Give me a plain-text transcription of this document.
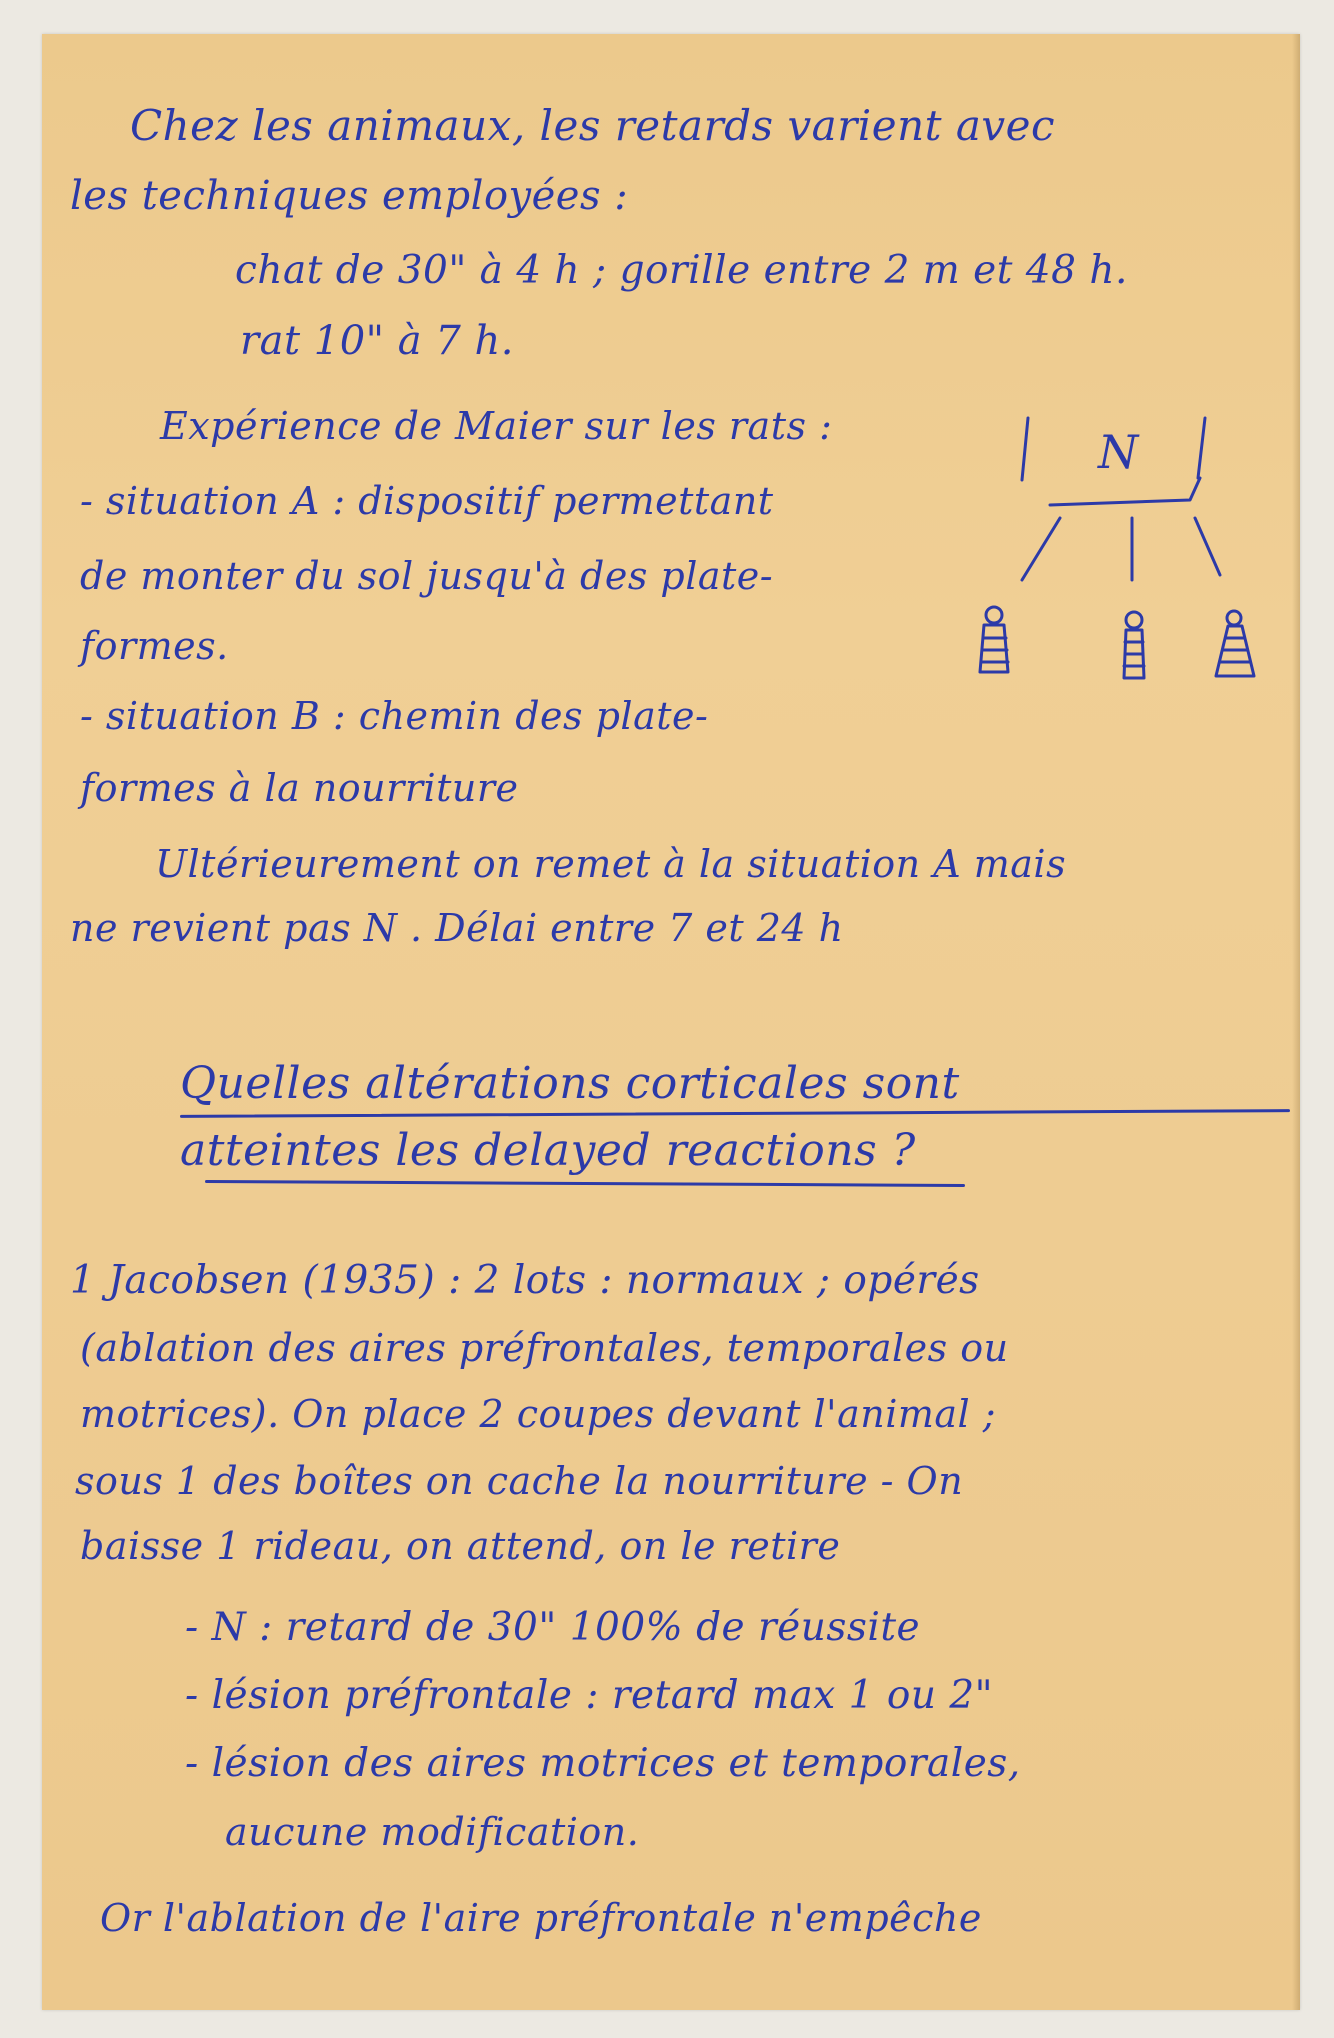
Chez les animaux, les retards varient avec
les techniques employées :
chat de 30" à 4 h ; gorille entre 2 m et 48 h.
rat 10" à 7 h.
Expérience de Maier sur les rats :
- situation A : dispositif permettant
de monter du sol jusqu'à des plate-
formes.
- situation B : chemin des plate-
formes à la nourriture
Ultérieurement on remet à la situation A mais
ne revient pas N . Délai entre 7 et 24 h
Quelles altérations corticales sont
atteintes les delayed reactions ?
1 Jacobsen (1935) : 2 lots : normaux ; opérés
(ablation des aires préfrontales, temporales ou
motrices). On place 2 coupes devant l'animal ;
sous 1 des boîtes on cache la nourriture - On
baisse 1 rideau, on attend, on le retire
- N : retard de 30" 100% de réussite
- lésion préfrontale : retard max 1 ou 2"
- lésion des aires motrices et temporales,
aucune modification.
Or l'ablation de l'aire préfrontale n'empêche
N
